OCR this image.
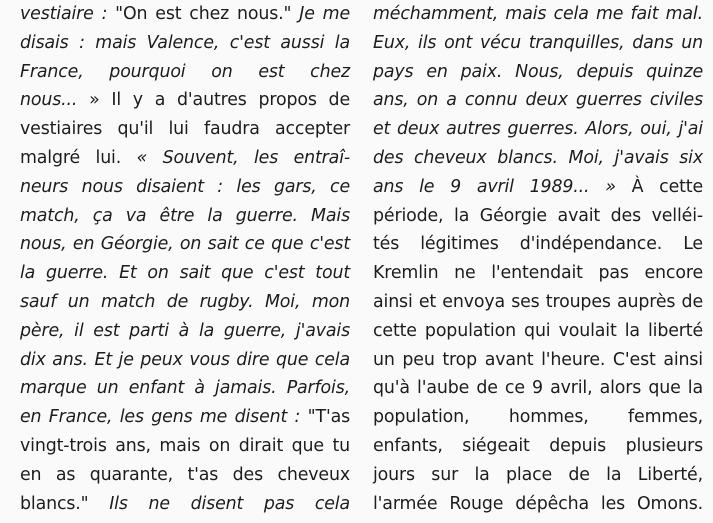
vestiaire : "On est chez nous." Je me
disais : mais Valence, c'est aussi la
France, pourquoi on est chez
nous... » Il y a d'autres propos de
vestiaires qu'il lui faudra accepter
malgré lui. « Souvent, les entraî-
neurs nous disaient : les gars, ce
match, ça va être la guerre. Mais
nous, en Géorgie, on sait ce que c'est
la guerre. Et on sait que c'est tout
sauf un match de rugby. Moi, mon
père, il est parti à la guerre, j'avais
dix ans. Et je peux vous dire que cela
marque un enfant à jamais. Parfois,
en France, les gens me disent : "T'as
vingt-trois ans, mais on dirait que tu
en as quarante, t'as des cheveux
blancs." Ils ne disent pas cela
méchamment, mais cela me fait mal.
Eux, ils ont vécu tranquilles, dans un
pays en paix. Nous, depuis quinze
ans, on a connu deux guerres civiles
et deux autres guerres. Alors, oui, j'ai
des cheveux blancs. Moi, j'avais six
ans le 9 avril 1989... » À cette
période, la Géorgie avait des velléi-
tés légitimes d'indépendance. Le
Kremlin ne l'entendait pas encore
ainsi et envoya ses troupes auprès de
cette population qui voulait la liberté
un peu trop avant l'heure. C'est ainsi
qu'à l'aube de ce 9 avril, alors que la
population, hommes, femmes,
enfants, siégeait depuis plusieurs
jours sur la place de la Liberté,
l'armée Rouge dépêcha les Omons.
